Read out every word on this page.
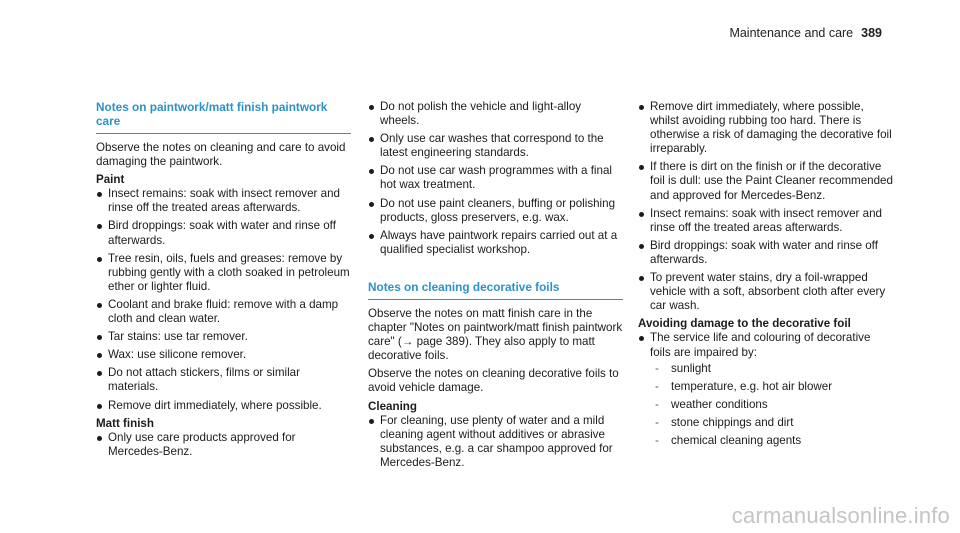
Maintenance and care 389
Notes on paintwork/matt finish paintwork care

Observe the notes on cleaning and care to avoid damaging the paintwork.

Paint
Insect remains: soak with insect remover and rinse off the treated areas afterwards.
Bird droppings: soak with water and rinse off afterwards.
Tree resin, oils, fuels and greases: remove by rubbing gently with a cloth soaked in petroleum ether or lighter fluid.
Coolant and brake fluid: remove with a damp cloth and clean water.
Tar stains: use tar remover.
Wax: use silicone remover.
Do not attach stickers, films or similar materials.
Remove dirt immediately, where possible.
Matt finish
Only use care products approved for Mercedes-Benz.
Do not polish the vehicle and light-alloy wheels.
Only use car washes that correspond to the latest engineering standards.
Do not use car wash programmes with a final hot wax treatment.
Do not use paint cleaners, buffing or polishing products, gloss preservers, e.g. wax.
Always have paintwork repairs carried out at a qualified specialist workshop.
Notes on cleaning decorative foils

Observe the notes on matt finish care in the chapter "Notes on paintwork/matt finish paintwork care" (→ page 389). They also apply to matt decorative foils.

Observe the notes on cleaning decorative foils to avoid vehicle damage.

Cleaning
For cleaning, use plenty of water and a mild cleaning agent without additives or abrasive substances, e.g. a car shampoo approved for Mercedes-Benz.
Remove dirt immediately, where possible, whilst avoiding rubbing too hard. There is otherwise a risk of damaging the decorative foil irreparably.
If there is dirt on the finish or if the decorative foil is dull: use the Paint Cleaner recommended and approved for Mercedes-Benz.
Insect remains: soak with insect remover and rinse off the treated areas afterwards.
Bird droppings: soak with water and rinse off afterwards.
To prevent water stains, dry a foil-wrapped vehicle with a soft, absorbent cloth after every car wash.
Avoiding damage to the decorative foil
The service life and colouring of decorative foils are impaired by:
- sunlight
- temperature, e.g. hot air blower
- weather conditions
- stone chippings and dirt
- chemical cleaning agents
carmanualsonline.info
